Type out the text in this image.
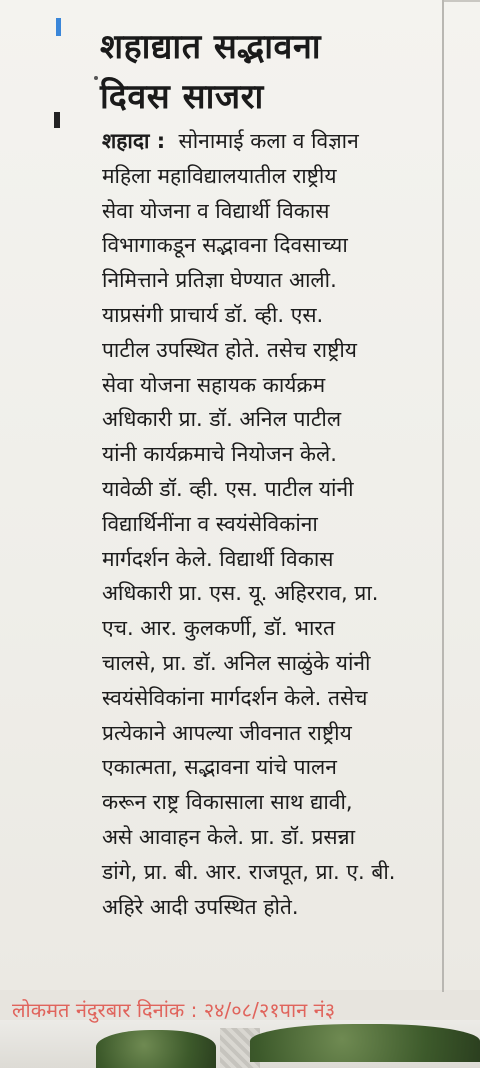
शहाद्यात सद्भावना
दिवस साजरा
शहादा : सोनामाई कला व विज्ञान
महिला महाविद्यालयातील राष्ट्रीय
सेवा योजना व विद्यार्थी विकास
विभागाकडून सद्भावना दिवसाच्या
निमित्ताने प्रतिज्ञा घेण्यात आली.
याप्रसंगी प्राचार्य डॉ. व्ही. एस.
पाटील उपस्थित होते. तसेच राष्ट्रीय
सेवा योजना सहायक कार्यक्रम
अधिकारी प्रा. डॉ. अनिल पाटील
यांनी कार्यक्रमाचे नियोजन केले.
यावेळी डॉ. व्ही. एस. पाटील यांनी
विद्यार्थिनींना व स्वयंसेविकांना
मार्गदर्शन केले. विद्यार्थी विकास
अधिकारी प्रा. एस. यू. अहिरराव, प्रा.
एच. आर. कुलकर्णी, डॉ. भारत
चालसे, प्रा. डॉ. अनिल साळुंके यांनी
स्वयंसेविकांना मार्गदर्शन केले. तसेच
प्रत्येकाने आपल्या जीवनात राष्ट्रीय
एकात्मता, सद्भावना यांचे पालन
करून राष्ट्र विकासाला साथ द्यावी,
असे आवाहन केले. प्रा. डॉ. प्रसन्ना
डांगे, प्रा. बी. आर. राजपूत, प्रा. ए. बी.
अहिरे आदी उपस्थित होते.
लोकमत नंदुरबार दिनांक : २४/०८/२१पान नं३
